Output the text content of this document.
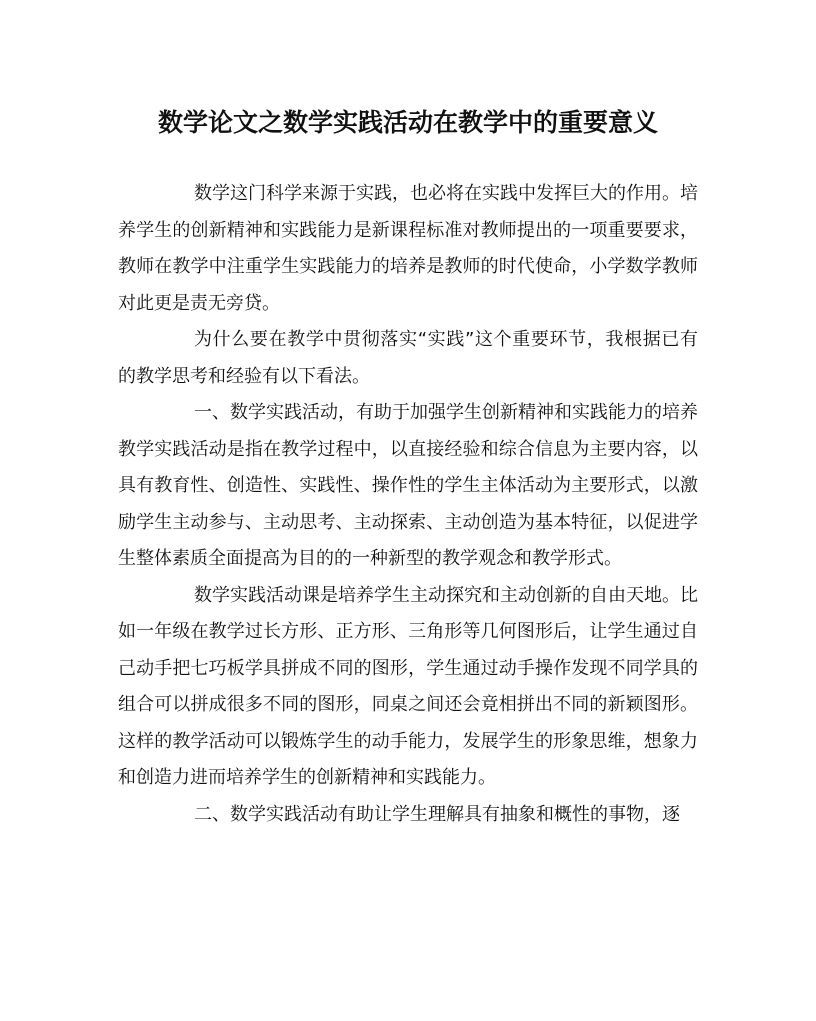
数学论文之数学实践活动在教学中的重要意义

数学这门科学来源于实践，也必将在实践中发挥巨大的作用。培养学生的创新精神和实践能力是新课程标准对教师提出的一项重要要求，教师在教学中注重学生实践能力的培养是教师的时代使命，小学数学教师对此更是责无旁贷。

为什么要在教学中贯彻落实“实践”这个重要环节，我根据已有的教学思考和经验有以下看法。

一、数学实践活动，有助于加强学生创新精神和实践能力的培养教学实践活动是指在教学过程中，以直接经验和综合信息为主要内容，以具有教育性、创造性、实践性、操作性的学生主体活动为主要形式，以激励学生主动参与、主动思考、主动探索、主动创造为基本特征，以促进学生整体素质全面提高为目的的一种新型的教学观念和教学形式。

数学实践活动课是培养学生主动探究和主动创新的自由天地。比如一年级在教学过长方形、正方形、三角形等几何图形后，让学生通过自己动手把七巧板学具拼成不同的图形，学生通过动手操作发现不同学具的组合可以拼成很多不同的图形，同桌之间还会竟相拼出不同的新颖图形。这样的教学活动可以锻炼学生的动手能力，发展学生的形象思维，想象力和创造力进而培养学生的创新精神和实践能力。

二、数学实践活动有助让学生理解具有抽象和概性的事物，逐
